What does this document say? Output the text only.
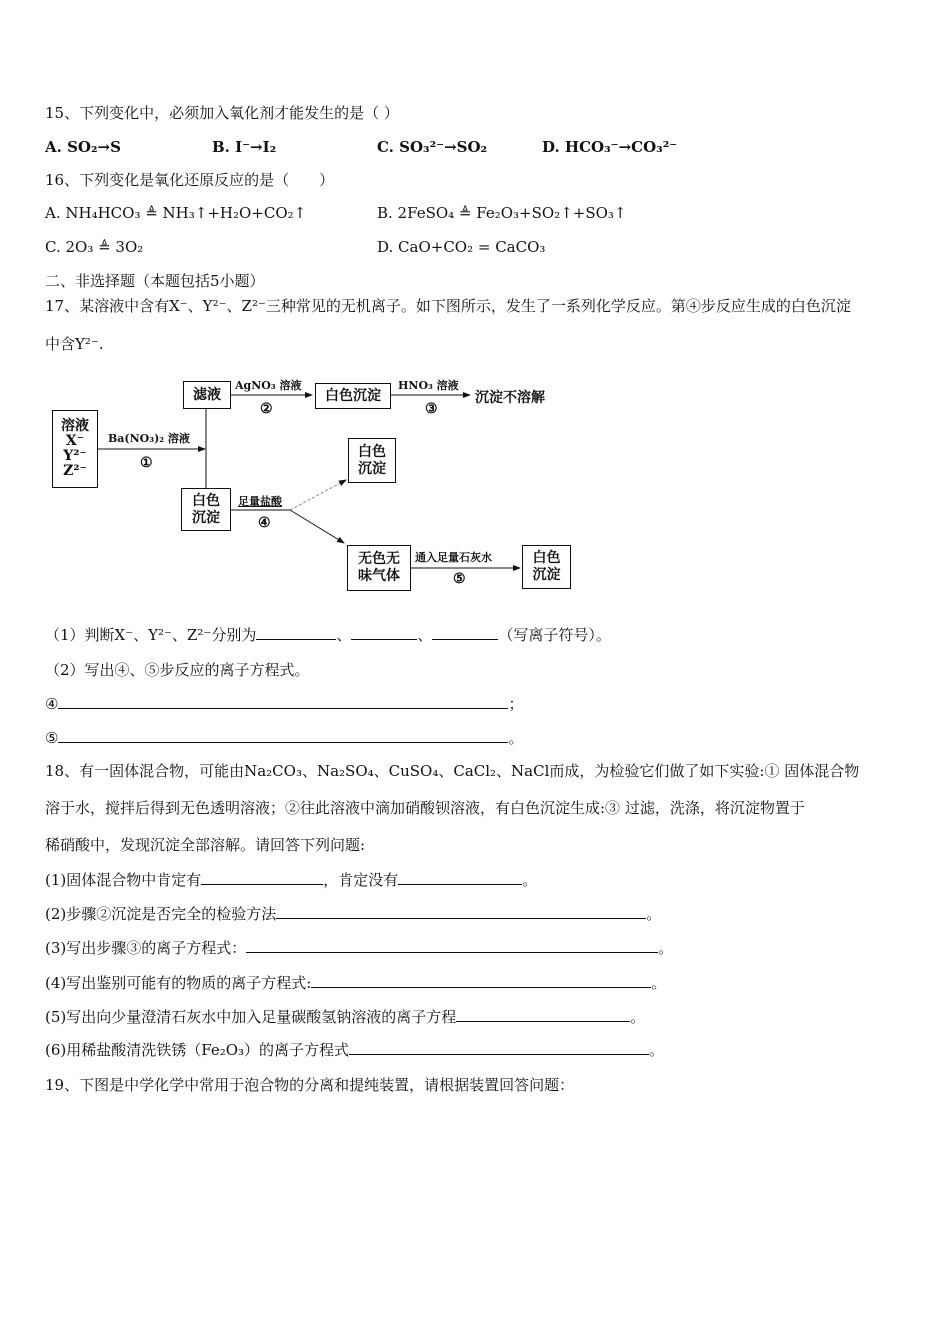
15、下列变化中，必须加入氧化剂才能发生的是（ ）
A. SO₂→S	B. I⁻→I₂	C. SO₃²⁻→SO₂	D. HCO₃⁻→CO₃²⁻
16、下列变化是氧化还原反应的是（　　）
A. NH₄HCO₃ ≜ NH₃↑+H₂O+CO₂↑	B. 2FeSO₄ ≜ Fe₂O₃+SO₂↑+SO₃↑
C. 2O₃ ≜ 3O₂	D. CaO+CO₂ = CaCO₃
二、非选择题（本题包括5小题）
17、某溶液中含有X⁻、Y²⁻、Z²⁻三种常见的无机离子。如下图所示，发生了一系列化学反应。第④步反应生成的白色沉淀
中含Y²⁻.
溶液
X⁻
Y²⁻
Z²⁻
Ba(NO₃)₂ 溶液
①
滤液
AgNO₃ 溶液
②
白色沉淀
HNO₃ 溶液
③
沉淀不溶解
白色
沉淀
足量盐酸
④
白色
沉淀
无色无
味气体
通入足量石灰水
⑤
白色
沉淀
（1）判断X⁻、Y²⁻、Z²⁻分别为	、	、	（写离子符号）。
（2）写出④、⑤步反应的离子方程式。
④	；
⑤	。
18、有一固体混合物，可能由Na₂CO₃、Na₂SO₄、CuSO₄、CaCl₂、NaCl而成，为检验它们做了如下实验:① 固体混合物
溶于水，搅拌后得到无色透明溶液；②往此溶液中滴加硝酸钡溶液，有白色沉淀生成:③ 过滤，洗涤，将沉淀物置于
稀硝酸中，发现沉淀全部溶解。请回答下列问题:
(1)固体混合物中肯定有	，肯定没有	。
(2)步骤②沉淀是否完全的检验方法	。
(3)写出步骤③的离子方程式：	。
(4)写出鉴别可能有的物质的离子方程式:	。
(5)写出向少量澄清石灰水中加入足量碳酸氢钠溶液的离子方程	。
(6)用稀盐酸清洗铁锈（Fe₂O₃）的离子方程式	。
19、下图是中学化学中常用于泡合物的分离和提纯装置，请根据装置回答问题：
